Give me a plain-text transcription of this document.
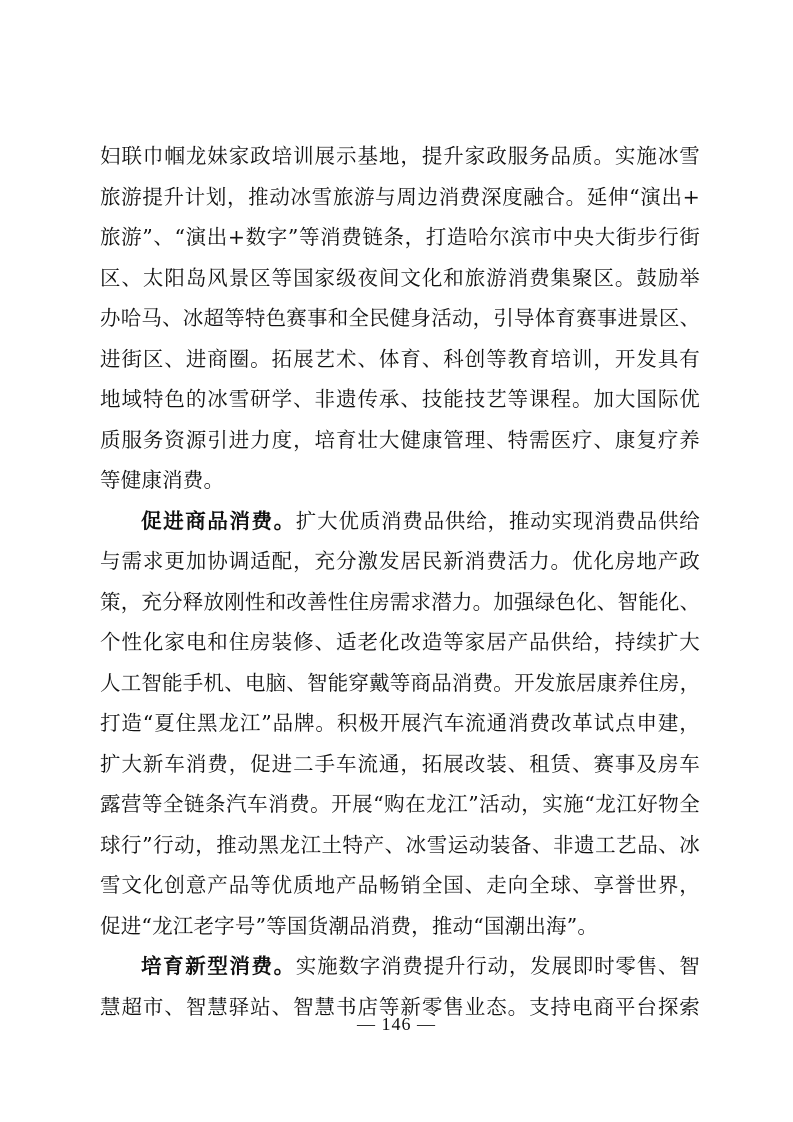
妇联巾帼龙妹家政培训展示基地，提升家政服务品质。实施冰雪
旅游提升计划，推动冰雪旅游与周边消费深度融合。延伸“演出+
旅游”、“演出+数字”等消费链条，打造哈尔滨市中央大街步行街
区、太阳岛风景区等国家级夜间文化和旅游消费集聚区。鼓励举
办哈马、冰超等特色赛事和全民健身活动，引导体育赛事进景区、
进街区、进商圈。拓展艺术、体育、科创等教育培训，开发具有
地域特色的冰雪研学、非遗传承、技能技艺等课程。加大国际优
质服务资源引进力度，培育壮大健康管理、特需医疗、康复疗养
等健康消费。
促进商品消费。扩大优质消费品供给，推动实现消费品供给
与需求更加协调适配，充分激发居民新消费活力。优化房地产政
策，充分释放刚性和改善性住房需求潜力。加强绿色化、智能化、
个性化家电和住房装修、适老化改造等家居产品供给，持续扩大
人工智能手机、电脑、智能穿戴等商品消费。开发旅居康养住房，
打造“夏住黑龙江”品牌。积极开展汽车流通消费改革试点申建，
扩大新车消费，促进二手车流通，拓展改装、租赁、赛事及房车
露营等全链条汽车消费。开展“购在龙江”活动，实施“龙江好物全
球行”行动，推动黑龙江土特产、冰雪运动装备、非遗工艺品、冰
雪文化创意产品等优质地产品畅销全国、走向全球、享誉世界，
促进“龙江老字号”等国货潮品消费，推动“国潮出海”。
培育新型消费。实施数字消费提升行动，发展即时零售、智
慧超市、智慧驿站、智慧书店等新零售业态。支持电商平台探索
— 146 —
